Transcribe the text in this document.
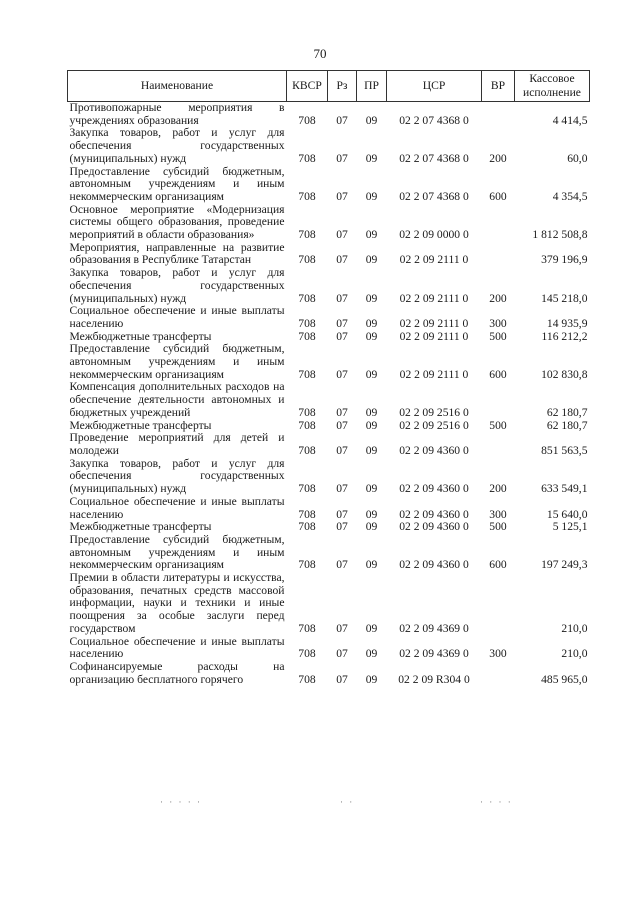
70
Наименование	КВСР	Рз	ПР	ЦСР	ВР	Кассовое исполнение
Противопожарные мероприятия в учреждениях образования	708	07	09	02 2 07 4368 0		4 414,5
Закупка товаров, работ и услуг для обеспечения государственных (муниципальных) нужд	708	07	09	02 2 07 4368 0	200	60,0
Предоставление субсидий бюджетным, автономным учреждениям и иным некоммерческим организациям	708	07	09	02 2 07 4368 0	600	4 354,5
Основное мероприятие «Модернизация системы общего образования, проведение мероприятий в области образования»	708	07	09	02 2 09 0000 0		1 812 508,8
Мероприятия, направленные на развитие образования в Республике Татарстан	708	07	09	02 2 09 2111 0		379 196,9
Закупка товаров, работ и услуг для обеспечения государственных (муниципальных) нужд	708	07	09	02 2 09 2111 0	200	145 218,0
Социальное обеспечение и иные выплаты населению	708	07	09	02 2 09 2111 0	300	14 935,9
Межбюджетные трансферты	708	07	09	02 2 09 2111 0	500	116 212,2
Предоставление субсидий бюджетным, автономным учреждениям и иным некоммерческим организациям	708	07	09	02 2 09 2111 0	600	102 830,8
Компенсация дополнительных расходов на обеспечение деятельности автономных и бюджетных учреждений	708	07	09	02 2 09 2516 0		62 180,7
Межбюджетные трансферты	708	07	09	02 2 09 2516 0	500	62 180,7
Проведение мероприятий для детей и молодежи	708	07	09	02 2 09 4360 0		851 563,5
Закупка товаров, работ и услуг для обеспечения государственных (муниципальных) нужд	708	07	09	02 2 09 4360 0	200	633 549,1
Социальное обеспечение и иные выплаты населению	708	07	09	02 2 09 4360 0	300	15 640,0
Межбюджетные трансферты	708	07	09	02 2 09 4360 0	500	5 125,1
Предоставление субсидий бюджетным, автономным учреждениям и иным некоммерческим организациям	708	07	09	02 2 09 4360 0	600	197 249,3
Премии в области литературы и искусства, образования, печатных средств массовой информации, науки и техники и иные поощрения за особые заслуги перед государством	708	07	09	02 2 09 4369 0		210,0
Социальное обеспечение и иные выплаты населению	708	07	09	02 2 09 4369 0	300	210,0
Софинансируемые расходы на организацию бесплатного горячего	708	07	09	02 2 09 R304 0		485 965,0
· · · · ·	· ·	· · · ·
